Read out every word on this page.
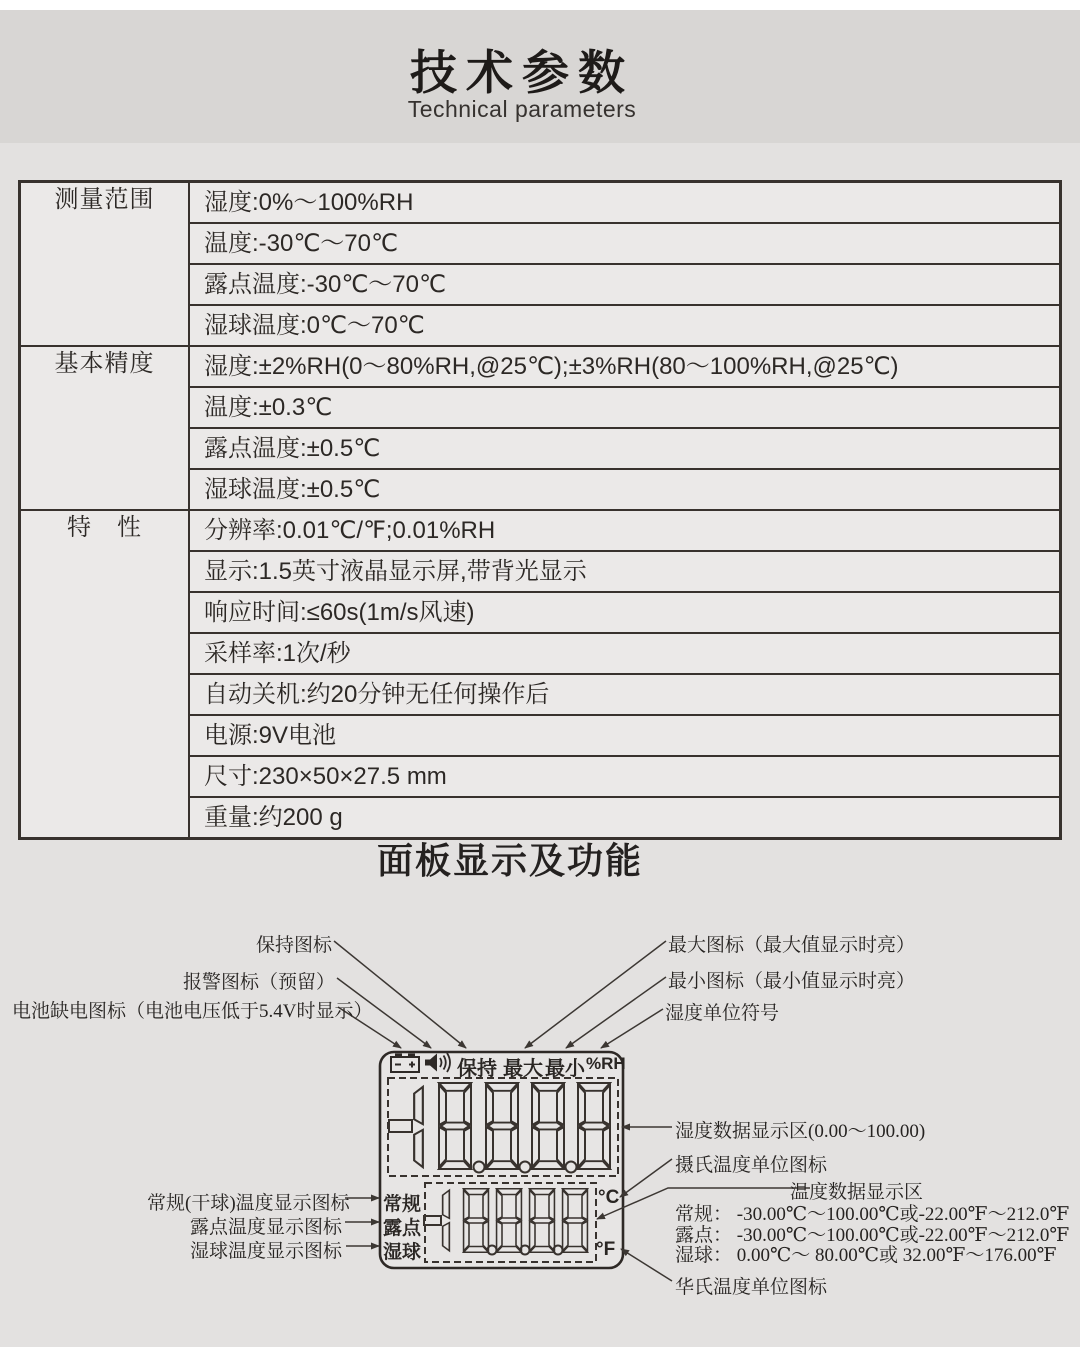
技术参数
Technical parameters
测量范围	湿度:0%～100%RH
	温度:-30℃～70℃
	露点温度:-30℃～70℃
	湿球温度:0℃～70℃
基本精度	湿度:±2%RH(0～80%RH,@25℃);±3%RH(80～100%RH,@25℃)
	温度:±0.3℃
	露点温度:±0.5℃
	湿球温度:±0.5℃
特　性	分辨率:0.01℃/℉;0.01%RH
	显示:1.5英寸液晶显示屏,带背光显示
	响应时间:≤60s(1m/s风速)
	采样率:1次/秒
	自动关机:约20分钟无任何操作后
	电源:9V电池
	尺寸:230×50×27.5 mm
	重量:约200 g
面板显示及功能
保持 最大 最小 %RH
常规
露点
湿球
°C
°F
保持图标
报警图标（预留）
电池缺电图标（电池电压低于5.4V时显示）
最大图标（最大值显示时亮）
最小图标（最小值显示时亮）
湿度单位符号
湿度数据显示区(0.00～100.00)
摄氏温度单位图标
温度数据显示区
常规： -30.00℃～100.00℃或-22.00℉～212.0℉
露点： -30.00℃～100.00℃或-22.00℉～212.0℉
湿球： 0.00℃～ 80.00℃或 32.00℉～176.00℉
华氏温度单位图标
常规(干球)温度显示图标
露点温度显示图标
湿球温度显示图标
